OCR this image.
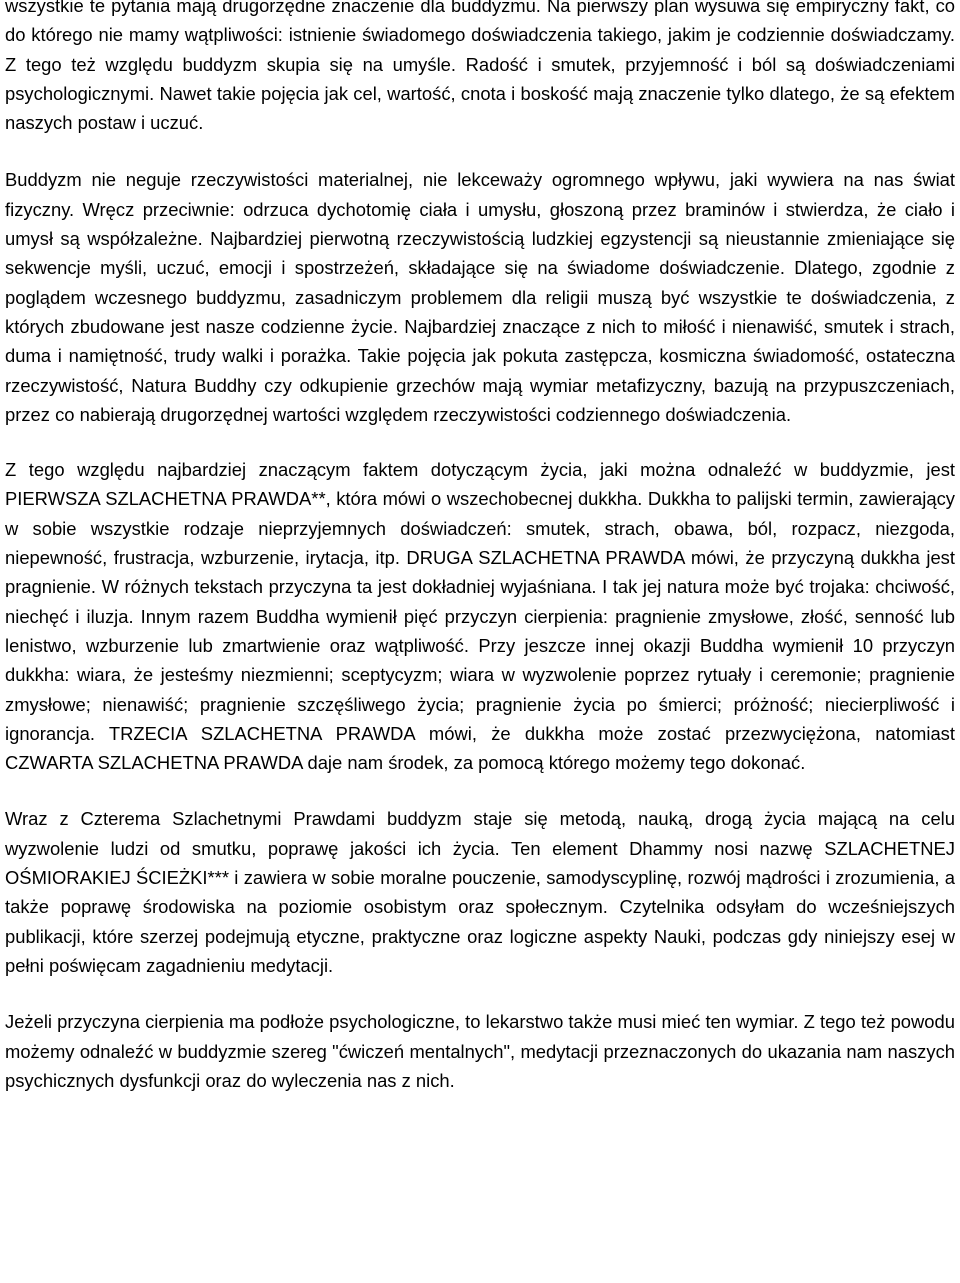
wszystkie te pytania mają drugorzędne znaczenie dla buddyzmu. Na pierwszy plan wysuwa się empiryczny fakt, co do którego nie mamy wątpliwości: istnienie świadomego doświadczenia takiego, jakim je codziennie doświadczamy. Z tego też względu buddyzm skupia się na umyśle. Radość i smutek, przyjemność i ból są doświadczeniami psychologicznymi. Nawet takie pojęcia jak cel, wartość, cnota i boskość mają znaczenie tylko dlatego, że są efektem naszych postaw i uczuć.

Buddyzm nie neguje rzeczywistości materialnej, nie lekceważy ogromnego wpływu, jaki wywiera na nas świat fizyczny. Wręcz przeciwnie: odrzuca dychotomię ciała i umysłu, głoszoną przez braminów i stwierdza, że ciało i umysł są współzależne. Najbardziej pierwotną rzeczywistością ludzkiej egzystencji są nieustannie zmieniające się sekwencje myśli, uczuć, emocji i spostrzeżeń, składające się na świadome doświadczenie. Dlatego, zgodnie z poglądem wczesnego buddyzmu, zasadniczym problemem dla religii muszą być wszystkie te doświadczenia, z których zbudowane jest nasze codzienne życie. Najbardziej znaczące z nich to miłość i nienawiść, smutek i strach, duma i namiętność, trudy walki i porażka. Takie pojęcia jak pokuta zastępcza, kosmiczna świadomość, ostateczna rzeczywistość, Natura Buddhy czy odkupienie grzechów mają wymiar metafizyczny, bazują na przypuszczeniach, przez co nabierają drugorzędnej wartości względem rzeczywistości codziennego doświadczenia.

Z tego względu najbardziej znaczącym faktem dotyczącym życia, jaki można odnaleźć w buddyzmie, jest PIERWSZA SZLACHETNA PRAWDA**, która mówi o wszechobecnej dukkha. Dukkha to palijski termin, zawierający w sobie wszystkie rodzaje nieprzyjemnych doświadczeń: smutek, strach, obawa, ból, rozpacz, niezgoda, niepewność, frustracja, wzburzenie, irytacja, itp. DRUGA SZLACHETNA PRAWDA mówi, że przyczyną dukkha jest pragnienie. W różnych tekstach przyczyna ta jest dokładniej wyjaśniana. I tak jej natura może być trojaka: chciwość, niechęć i iluzja. Innym razem Buddha wymienił pięć przyczyn cierpienia: pragnienie zmysłowe, złość, senność lub lenistwo, wzburzenie lub zmartwienie oraz wątpliwość. Przy jeszcze innej okazji Buddha wymienił 10 przyczyn dukkha: wiara, że jesteśmy niezmienni; sceptycyzm; wiara w wyzwolenie poprzez rytuały i ceremonie; pragnienie zmysłowe; nienawiść; pragnienie szczęśliwego życia; pragnienie życia po śmierci; próżność; niecierpliwość i ignorancja. TRZECIA SZLACHETNA PRAWDA mówi, że dukkha może zostać przezwyciężona, natomiast CZWARTA SZLACHETNA PRAWDA daje nam środek, za pomocą którego możemy tego dokonać.

Wraz z Czterema Szlachetnymi Prawdami buddyzm staje się metodą, nauką, drogą życia mającą na celu wyzwolenie ludzi od smutku, poprawę jakości ich życia. Ten element Dhammy nosi nazwę SZLACHETNEJ OŚMIORAKIEJ ŚCIEŻKI*** i zawiera w sobie moralne pouczenie, samodyscyplinę, rozwój mądrości i zrozumienia, a także poprawę środowiska na poziomie osobistym oraz społecznym. Czytelnika odsyłam do wcześniejszych publikacji, które szerzej podejmują etyczne, praktyczne oraz logiczne aspekty Nauki, podczas gdy niniejszy esej w pełni poświęcam zagadnieniu medytacji.

Jeżeli przyczyna cierpienia ma podłoże psychologiczne, to lekarstwo także musi mieć ten wymiar. Z tego też powodu możemy odnaleźć w buddyzmie szereg "ćwiczeń mentalnych", medytacji przeznaczonych do ukazania nam naszych psychicznych dysfunkcji oraz do wyleczenia nas z nich.
